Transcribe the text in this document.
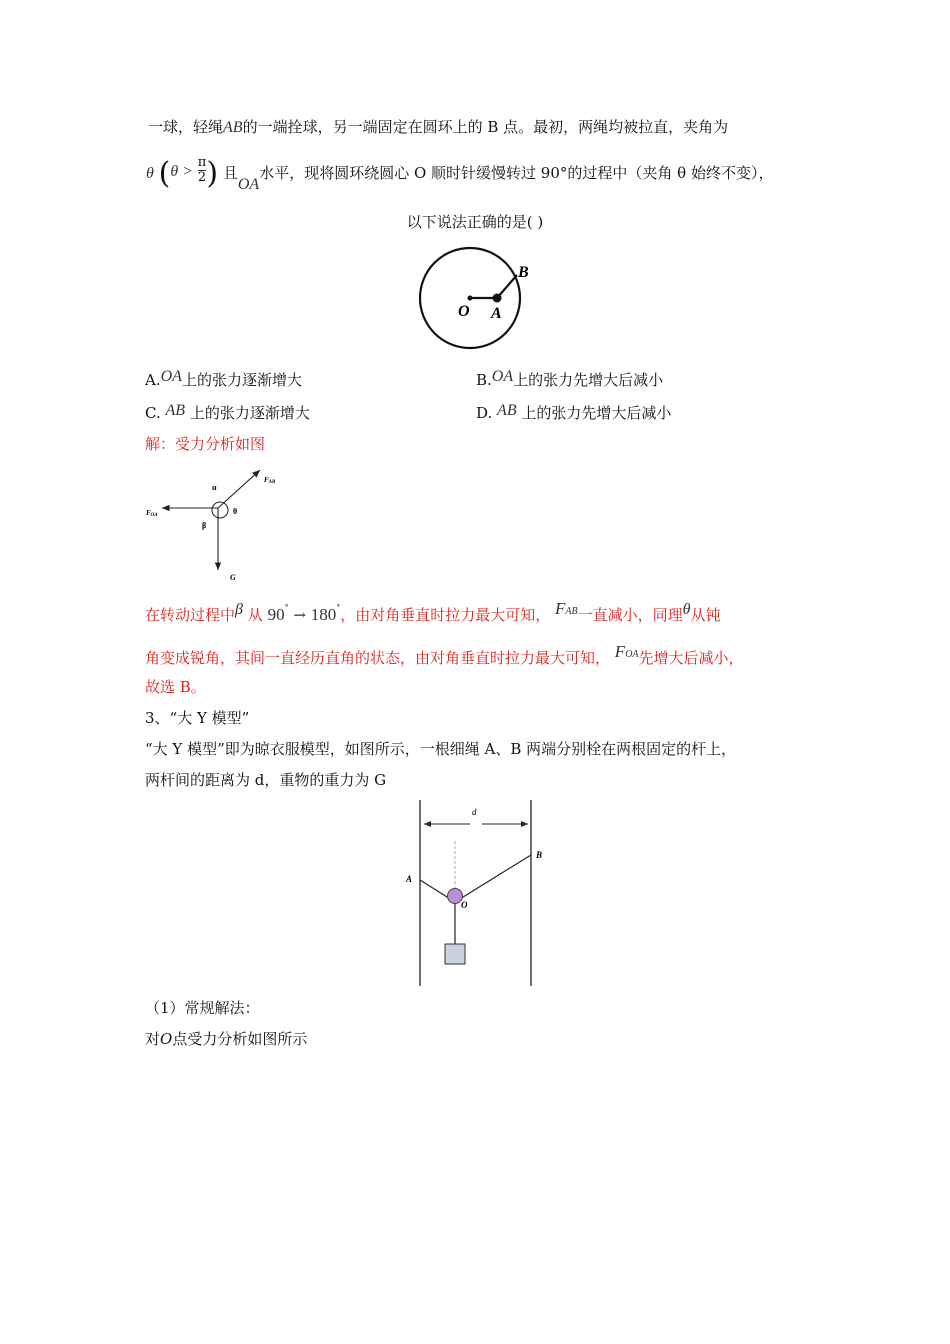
一球，轻绳AB的一端拴球，另一端固定在圆环上的 B 点。最初，两绳均被拉直，夹角为
θ ($\theta > \frac{\pi}{2}$ ) 且OA水平，现将圆环绕圆心 O 顺时针缓慢转过 90°的过程中（夹角 θ 始终不变），
以下说法正确的是( )
O A
B
A.OA上的张力逐渐增大	B.OA上的张力先增大后减小
C. AB 上的张力逐渐增大	D. AB 上的张力先增大后减小
解：受力分析如图
FAB
FOA
α
β
θ
G
在转动过程中β 从 90° → 180°，由对角垂直时拉力最大可知， FAB一直减小，同理θ从钝
角变成锐角，其间一直经历直角的状态，由对角垂直时拉力最大可知， FOA先增大后减小，
故选 B。
3、“大 Y 模型”
“大 Y 模型”即为晾衣服模型，如图所示，一根细绳 A、B 两端分别栓在两根固定的杆上，
两杆间的距离为 d，重物的重力为 G
d
A
B
O
（1）常规解法：
对O点受力分析如图所示
